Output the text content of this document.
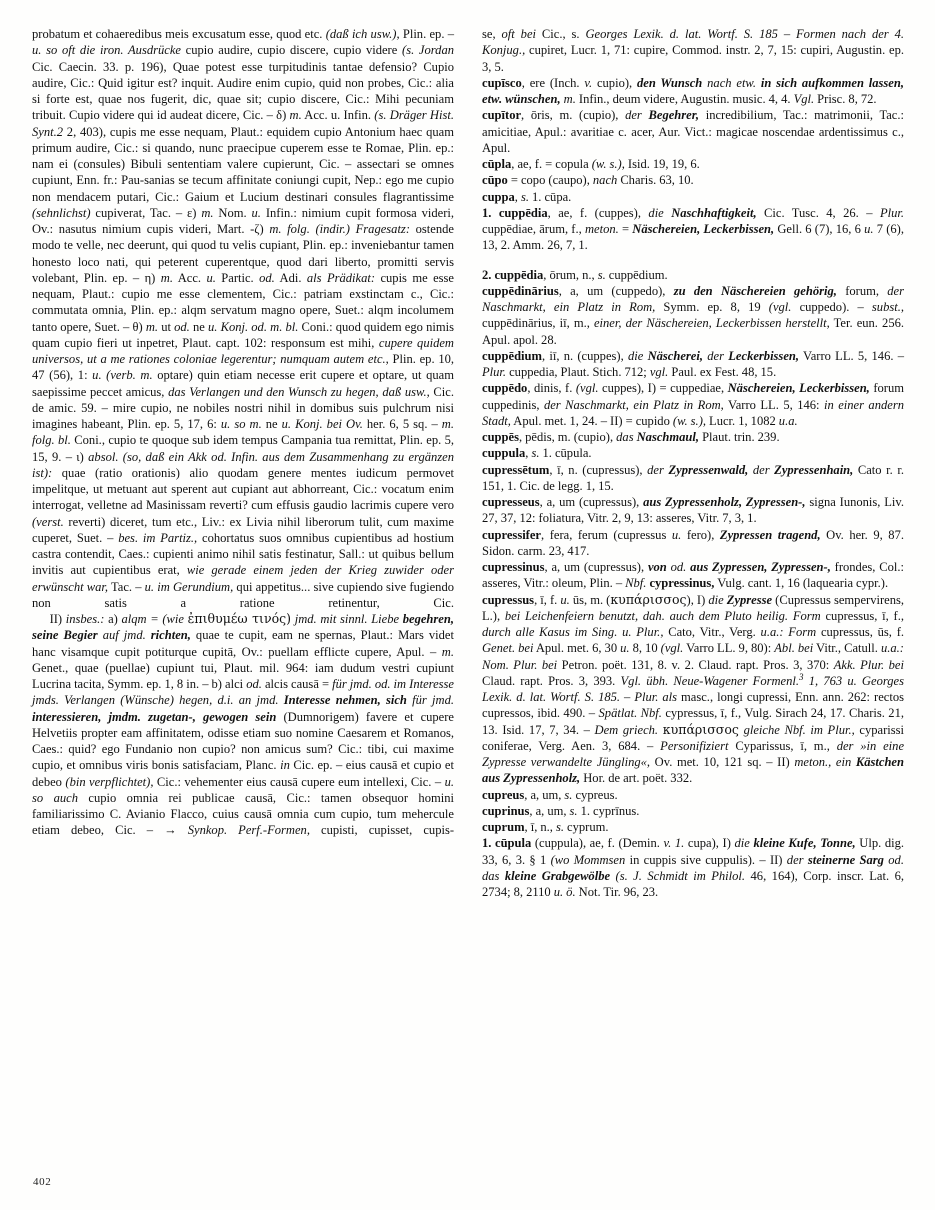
probatum et cohaeredibus meis excusatum esse, quod etc. (daß ich usw.), Plin. ep. – u. so oft die iron. Ausdrücke cupio audire, cupio discere, cupio videre (s. Jordan Cic. Caecin. 33. p. 196), Quae potest esse turpitudinis tantae defensio? Cupio audire, Cic.: Quid igitur est? inquit. Audire enim cupio, quid non probes, Cic.: alia si forte est, quae nos fugerit, dic, quae sit; cupio discere, Cic.: Mihi pecuniam tribuit. Cupio videre qui id audeat dicere, Cic. – δ) m. Acc. u. Infin. (s. Dräger Hist. Synt.2 2, 403), cupis me esse nequam, Plaut.: equidem cupio Antonium haec quam primum audire, Cic.: si quando, nunc praecipue cuperem esse te Romae, Plin. ep.: nam ei (consules) Bibuli sententiam valere cupierunt, Cic. – assectari se omnes cupiunt, Enn. fr.: Pau-sanias se tecum affinitate coniungi cupit, Nep.: ego me cupio non mendacem putari, Cic.: Gaium et Lucium destinari consules flagrantissime (sehnlichst) cupiverat, Tac. – ε) m. Nom. u. Infin.: nimium cupit formosa videri, Ov.: nasutus nimium cupis videri, Mart. -ζ) m. folg. (indir.) Fragesatz: ostende modo te velle, nec deerunt, qui quod tu velis cupiant, Plin. ep.: inveniebantur tamen honesto loco nati, qui peterent cuperentque, quod dari liberto, promitti servis volebant, Plin. ep. – η) m. Acc. u. Partic. od. Adi. als Prädikat: cupis me esse nequam, Plaut.: cupio me esse clementem, Cic.: patriam exstinctam c., Cic.: commutata omnia, Plin. ep.: alqm servatum magno opere, Suet.: alqm incolumem tanto opere, Suet. – θ) m. ut od. ne u. Konj. od. m. bl. Coni.: quod quidem ego nimis quam cupio fieri ut inpetret, Plaut. capt. 102: responsum est mihi, cupere quidem universos, ut a me rationes coloniae legerentur; numquam autem etc., Plin. ep. 10, 47 (56), 1: u. (verb. m. optare) quin etiam necesse erit cupere et optare, ut quam saepissime peccet amicus, das Verlangen und den Wunsch zu hegen, daß usw., Cic. de amic. 59. – mire cupio, ne nobiles nostri nihil in domibus suis pulchrum nisi imagines habeant, Plin. ep. 5, 17, 6: u. so m. ne u. Konj. bei Ov. her. 6, 5 sq. – m. folg. bl. Coni., cupio te quoque sub idem tempus Campania tua remittat, Plin. ep. 5, 15, 9. – ι) absol. (so, daß ein Akk od. Infin. aus dem Zusammenhang zu ergänzen ist): quae (ratio orationis) alio quodam genere mentes iudicum permovet impelitque, ut metuant aut sperent aut cupiant aut abhorreant, Cic.: vocatum enim interrogat, velletne ad Masinissam reverti? cum effusis gaudio lacrimis cupere vero (verst. reverti) diceret, tum etc., Liv.: ex Livia nihil liberorum tulit, cum maxime cuperet, Suet. – bes. im Partiz., cohortatus suos omnibus cupientibus ad hostium castra contendit, Caes.: cupienti animo nihil satis festinatur, Sall.: ut quibus bellum invitis aut cupientibus erat, wie gerade einem jeden der Krieg zuwider oder erwünscht war, Tac. – u. im Gerundium, qui appetitus... sive cupiendo sive fugiendo non satis a ratione retinentur, Cic.

II) insbes.: a) alqm = (wie ἐπιθυμέω τινός) jmd. mit sinnl. Liebe begehren, seine Begier auf jmd. richten, quae te cupit, eam ne spernas, Plaut.: Mars videt hanc visamque cupit potiturque cupitā, Ov.: puellam efflicte cupere, Apul. – m. Genet., quae (puellae) cupiunt tui, Plaut. mil. 964: iam dudum vestri cupiunt Lucrina tacita, Symm. ep. 1, 8 in. – b) alci od. alcis causā = für jmd. od. im Interesse jmds. Verlangen (Wünsche) hegen, d.i. an jmd. Interesse nehmen, sich für jmd. interessieren, jmdm. zugetan-, gewogen sein (Dumnorigem) favere et cupere Helvetiis propter eam affinitatem, odisse etiam suo nomine Caesarem et Romanos, Caes.: quid? ego Fundanio non cupio? non amicus sum? Cic.: tibi, cui maxime cupio, et omnibus viris bonis satisfaciam, Planc. in Cic. ep. – eius causā et cupio et debeo (bin verpflichtet), Cic.: vehementer eius causā cupere eum intellexi, Cic. – u. so auch cupio omnia rei publicae causā, Cic.: tamen obsequor homini familiarissimo C. Avianio Flacco, cuius causā omnia cum cupio, tum mehercule etiam debeo, Cic. – → Synkop. Perf.-Formen, cupisti, cupisset, cupis-

se, oft bei Cic., s. Georges Lexik. d. lat. Wortf. S. 185 – Formen nach der 4. Konjug., cupiret, Lucr. 1, 71: cupire, Commod. instr. 2, 7, 15: cupiri, Augustin. ep. 3, 5.

cupīsco, ere (Inch. v. cupio), den Wunsch nach etw. in sich aufkommen lassen, etw. wünschen, m. Infin., deum videre, Augustin. music. 4, 4. Vgl. Prisc. 8, 72.

cupītor, ōris, m. (cupio), der Begehrer, incredibilium, Tac.: matrimonii, Tac.: amicitiae, Apul.: avaritiae c. acer, Aur. Vict.: magicae noscendae ardentissimus c., Apul.

cūpla, ae, f. = copula (w. s.), Isid. 19, 19, 6.

cūpo = copo (caupo), nach Charis. 63, 10.

cuppa, s. 1. cūpa.

1. cuppēdia, ae, f. (cuppes), die Naschhaftigkeit, Cic. Tusc. 4, 26. – Plur. cuppēdiae, ārum, f., meton. = Näschereien, Leckerbissen, Gell. 6 (7), 16, 6 u. 7 (6), 13, 2. Amm. 26, 7, 1.

2. cuppēdia, ōrum, n., s. cuppēdium.

cuppēdinārius, a, um (cuppedo), zu den Näschereien gehörig, forum, der Naschmarkt, ein Platz in Rom, Symm. ep. 8, 19 (vgl. cuppedo). – subst., cuppēdinārius, iī, m., einer, der Näschereien, Leckerbissen herstellt, Ter. eun. 256. Apul. apol. 28.

cuppēdium, iī, n. (cuppes), die Näscherei, der Leckerbissen, Varro LL. 5, 146. – Plur. cuppedia, Plaut. Stich. 712; vgl. Paul. ex Fest. 48, 15.

cuppēdo, dinis, f. (vgl. cuppes), I) = cuppediae, Näschereien, Leckerbissen, forum cuppedinis, der Naschmarkt, ein Platz in Rom, Varro LL. 5, 146: in einer andern Stadt, Apul. met. 1, 24. – II) = cupido (w. s.), Lucr. 1, 1082 u.a.

cuppēs, pēdis, m. (cupio), das Naschmaul, Plaut. trin. 239.

cuppula, s. 1. cūpula.

cupressētum, ī, n. (cupressus), der Zypressenwald, der Zypressenhain, Cato r. r. 151, 1. Cic. de legg. 1, 15.

cupresseus, a, um (cupressus), aus Zypressenholz, Zypressen-, signa Iunonis, Liv. 27, 37, 12: foliatura, Vitr. 2, 9, 13: asseres, Vitr. 7, 3, 1.

cupressifer, fera, ferum (cupressus u. fero), Zypressen tragend, Ov. her. 9, 87. Sidon. carm. 23, 417.

cupressinus, a, um (cupressus), von od. aus Zypressen, Zypressen-, frondes, Col.: asseres, Vitr.: oleum, Plin. – Nbf. cypressinus, Vulg. cant. 1, 16 (laquearia cypr.).

cupressus, ī, f. u. ūs, m. (κυπάρισσος), I) die Zypresse (Cupressus sempervirens, L.), bei Leichenfeiern benutzt, dah. auch dem Pluto heilig. Form cupressus, ī, f., durch alle Kasus im Sing. u. Plur., Cato, Vitr., Verg. u.a.: Form cupressus, ūs, f. Genet. bei Apul. met. 6, 30 u. 8, 10 (vgl. Varro LL. 9, 80): Abl. bei Vitr., Catull. u.a.: Nom. Plur. bei Petron. poët. 131, 8. v. 2. Claud. rapt. Pros. 3, 370: Akk. Plur. bei Claud. rapt. Pros. 3, 393. Vgl. übh. Neue-Wagener Formenl.$^3$ 1, 763 u. Georges Lexik. d. lat. Wortf. S. 185. – Plur. als masc., longi cupressi, Enn. ann. 262: rectos cupressos, ibid. 490. – Spätlat. Nbf. cypressus, ī, f., Vulg. Sirach 24, 17. Charis. 21, 13. Isid. 17, 7, 34. – Dem griech. κυπάρισσος gleiche Nbf. im Plur., cyparissi coniferae, Verg. Aen. 3, 684. – Personifiziert Cyparissus, ī, m., der »in eine Zypresse verwandelte Jüngling«, Ov. met. 10, 121 sq. – II) meton., ein Kästchen aus Zypressenholz, Hor. de art. poët. 332.

cupreus, a, um, s. cypreus.

cuprinus, a, um, s. 1. cyprīnus.

cuprum, ī, n., s. cyprum.

1. cūpula (cuppula), ae, f. (Demin. v. 1. cupa), I) die kleine Kufe, Tonne, Ulp. dig. 33, 6, 3. § 1 (wo Mommsen in cuppis sive cuppulis). – II) der steinerne Sarg od. das kleine Grabgewölbe (s. J. Schmidt im Philol. 46, 164), Corp. inscr. Lat. 6, 2734; 8, 2110 u. ö. Not. Tir. 96, 23.

402
